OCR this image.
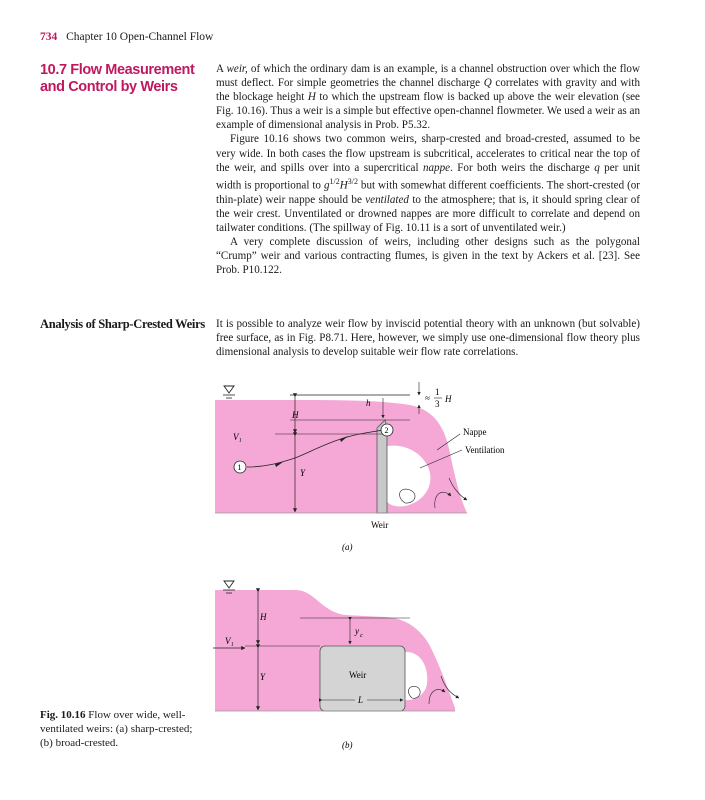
734 Chapter 10 Open-Channel Flow
10.7 Flow Measurement and Control by Weirs

A weir, of which the ordinary dam is an example, is a channel obstruction over which the flow must deflect. For simple geometries the channel discharge Q correlates with gravity and with the blockage height H to which the upstream flow is backed up above the weir elevation (see Fig. 10.16). Thus a weir is a simple but effective open-channel flowmeter. We used a weir as an example of dimensional analysis in Prob. P5.32.

Figure 10.16 shows two common weirs, sharp-crested and broad-crested, assumed to be very wide. In both cases the flow upstream is subcritical, accelerates to critical near the top of the weir, and spills over into a supercritical nappe. For both weirs the discharge q per unit width is proportional to $g^{1/2}H^{3/2}$ but with somewhat different coefficients. The short-crested (or thin-plate) weir nappe should be ventilated to the atmosphere; that is, it should spring clear of the weir crest. Unventilated or drowned nappes are more difficult to correlate and depend on tailwater conditions. (The spillway of Fig. 10.11 is a sort of unventilated weir.)

A very complete discussion of weirs, including other designs such as the polygonal “Crump” weir and various contracting flumes, is given in the text by Ackers et al. [23]. See Prob. P10.122.

Analysis of Sharp-Crested Weirs It is possible to analyze weir flow by inviscid potential theory with an unknown (but solvable) free surface, as in Fig. P8.71. Here, however, we simply use one-dimensional flow theory plus dimensional analysis to develop suitable weir flow rate correlations.

H
Y
V₁
1
2
h	≈
1
3 H
Nappe
Ventilation
Weir
(a)
Weir
H
Y
V₁
y c
L
(b)
Fig. 10.16 Flow over wide, well-ventilated weirs: (a) sharp-crested; (b) broad-crested.
